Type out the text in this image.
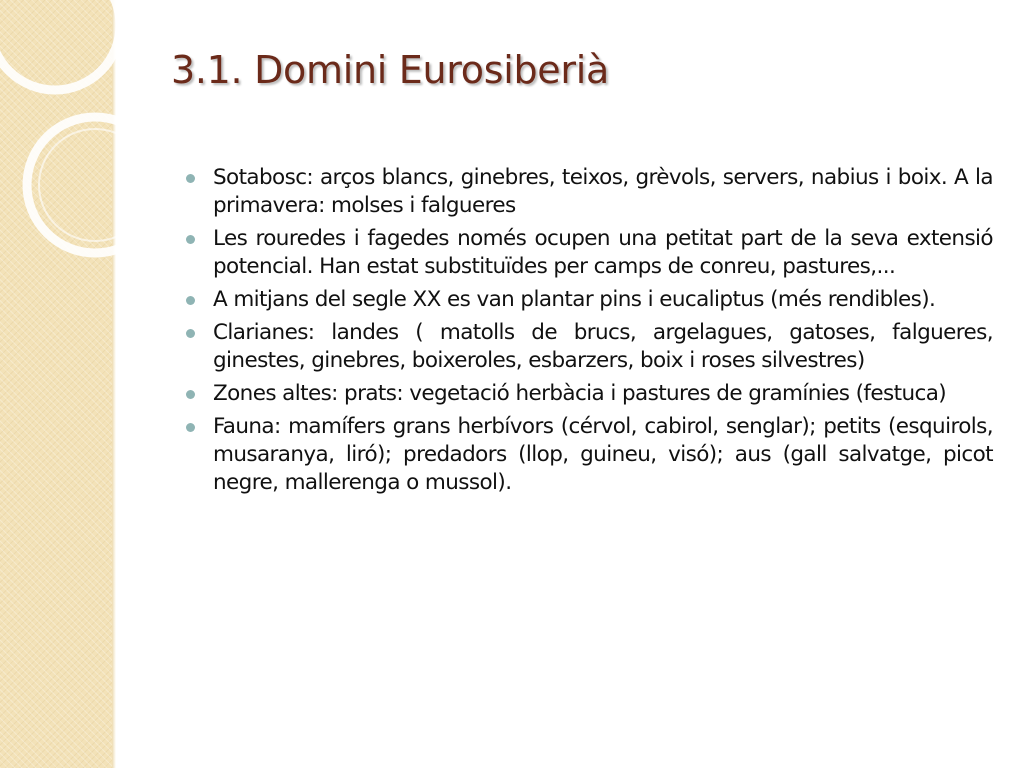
3.1. Domini Eurosiberià
Sotabosc: arços blancs, ginebres, teixos, grèvols, servers, nabius i boix. A la primavera: molses i falgueres
Les rouredes i fagedes només ocupen una petitat part de la seva extensió potencial. Han estat substituïdes per camps de conreu, pastures,...
A mitjans del segle XX es van plantar pins i eucaliptus (més rendibles).
Clarianes: landes ( matolls de brucs, argelagues, gatoses, falgueres, ginestes, ginebres, boixeroles, esbarzers, boix i roses silvestres)
Zones altes: prats: vegetació herbàcia i pastures de gramínies (festuca)
Fauna: mamífers grans herbívors (cérvol, cabirol, senglar); petits (esquirols, musaranya, liró); predadors (llop, guineu, visó); aus (gall salvatge, picot negre, mallerenga o mussol).
